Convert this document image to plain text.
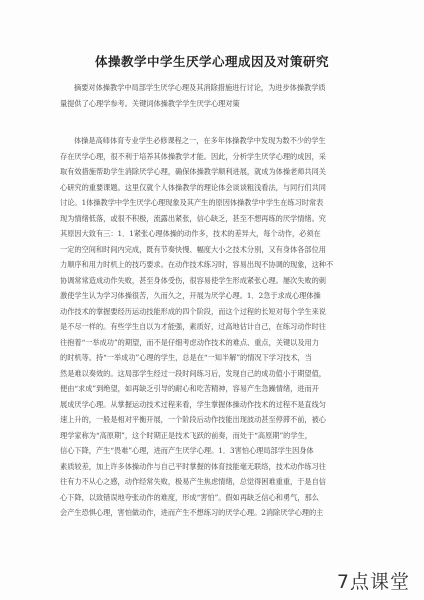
体操教学中学生厌学心理成因及对策研究
摘要对体操教学中局部学生厌学心理及其消除措施进行讨论，为进步体操教学质
量提供了心理学参考。关键词体操教学学生厌学心理对策
体操是高师体育专业学生必修课程之一，在多年体操教学中发现为数不少的学生
存在厌学心理，很不利于培养其体操教学才能。因此，分析学生厌学心理的成因，采
取有效措施帮助学生消除厌学心理，确保体操教学顺利进展，就成为体操老师共同关
心研究的重要课题。这里仅就个人体操教学的理论体会谈谈粗浅看法，与同行们共同
讨论。1体操教学中学生厌学心理现象及其产生的原因体操教学中学生在练习时常表
现为情绪低落，或很不积极，流露出紧张，信心缺乏，甚至不想再练的厌学情绪。究
其原因大致有三：1．1紧张心理体操的动作多，技术的差异大，每个动作，必须在
一定的空间和时间内完成，既有节奏快慢、幅度大小之技术分别，又有身体各部位用
力顺序和用力时机上的技巧要求。在动作技术练习时，容易出现不协调的现象，这种不
协调常常造成动作失败，甚至身体受伤，很容易使学生形成紧张心理。屡次失败的刺
激使学生认为学习体操很苦，久而久之，开展为厌学心理。1．2急于求成心理体操
动作技术的掌握要经历运动技能形成的四个阶段，而这个过程的长短对每个学生来说
是不尽一样的。有些学生自以为才能强，素质好，过高地估计自己，在练习动作时往
往抱着“一举成功”的期望，而不是仔细考虑动作技术的难点、重点，关键以及用力
的时机等。持“一举成功”心理的学生，总是在“一知半解”的情况下学习技术，当
然是难以奏效的。这局部学生经过一段时间练习后，发现自己的成功值小于期望值，
便由“求成”到绝望，如再缺乏引导的耐心和吃苦精神，容易产生急躁情绪，进而开
展成厌学心理。从掌握运动技术过程来看，学生掌握体操动作技术的过程不是直线匀
速上升的，一般是相对平衡开展，一个阶段后动作技能出现波动甚至停滞不前，被心
理学家称为“高原期”，这个时期正是技术飞跃的前奏，而处于“高原期”的学生，
信心下降，产生“畏难”心理，进而产生厌学心理。1．3害怕心理局部学生因身体
素质较差，加上许多体操动作与自己平时掌握的体育技能毫无联络，技术动作练习往
往有力不从心之感，动作经常失败，极易产生焦虑情绪，总觉得困难重重，于是自信
心下降，以致错误地夸张动作的难度，形成“害怕”。假如再缺乏信心和勇气，那么
会产生恐惧心理，害怕做动作，进而产生不想练习的厌学心理。2消除厌学心理的主
7点课堂
